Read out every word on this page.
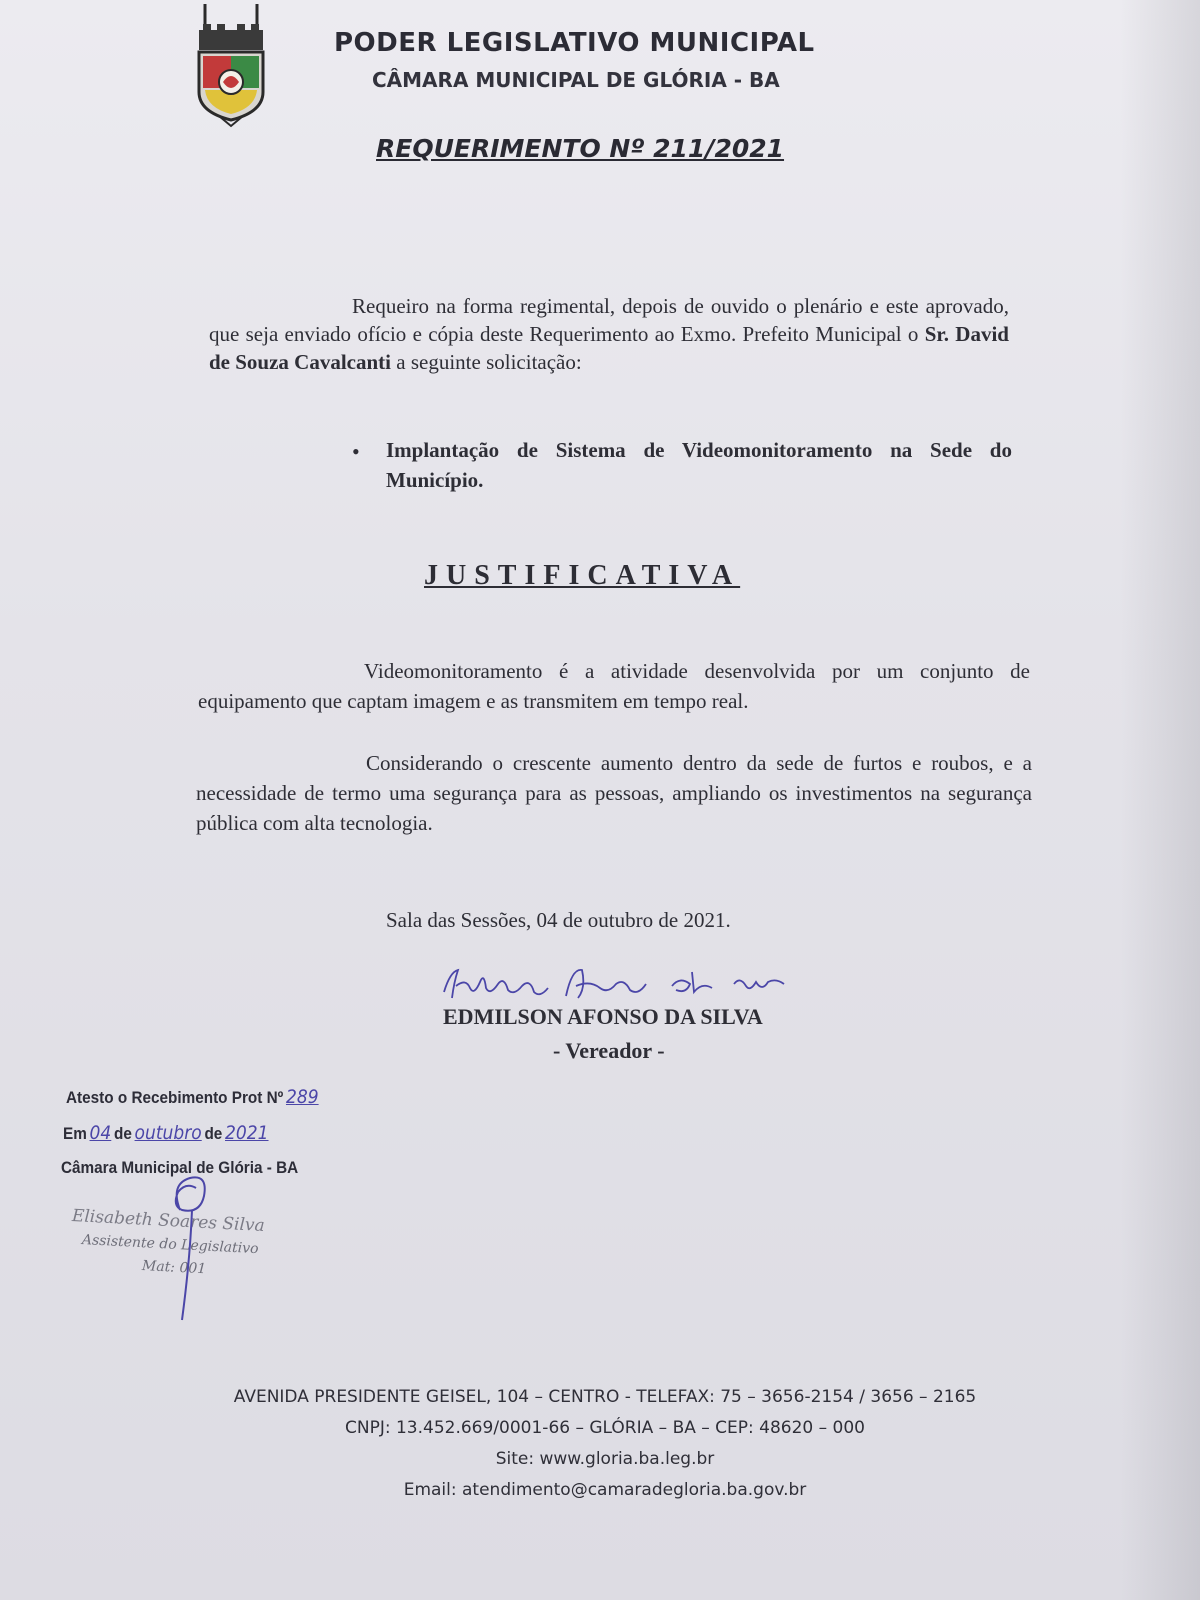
PODER LEGISLATIVO MUNICIPAL
CÂMARA MUNICIPAL DE GLÓRIA - BA
REQUERIMENTO Nº 211/2021
Requeiro na forma regimental, depois de ouvido o plenário e este aprovado, que seja enviado ofício e cópia deste Requerimento ao Exmo. Prefeito Municipal o Sr. David de Souza Cavalcanti a seguinte solicitação:
• Implantação de Sistema de Videomonitoramento na Sede do Município.
JUSTIFICATIVA
Videomonitoramento é a atividade desenvolvida por um conjunto de equipamento que captam imagem e as transmitem em tempo real.
Considerando o crescente aumento dentro da sede de furtos e roubos, e a necessidade de termo uma segurança para as pessoas, ampliando os investimentos na segurança pública com alta tecnologia.
Sala das Sessões, 04 de outubro de 2021.
EDMILSON AFONSO DA SILVA
- Vereador -
Atesto o Recebimento Prot Nº 289
Em 04 de outubro de 2021
Câmara Municipal de Glória - BA
Elisabeth Soares Silva
Assistente do Legislativo
Mat: 001
AVENIDA PRESIDENTE GEISEL, 104 – CENTRO - TELEFAX: 75 – 3656-2154 / 3656 – 2165
CNPJ: 13.452.669/0001-66 – GLÓRIA – BA – CEP: 48620 – 000
Site: www.gloria.ba.leg.br
Email: atendimento@camaradegloria.ba.gov.br
